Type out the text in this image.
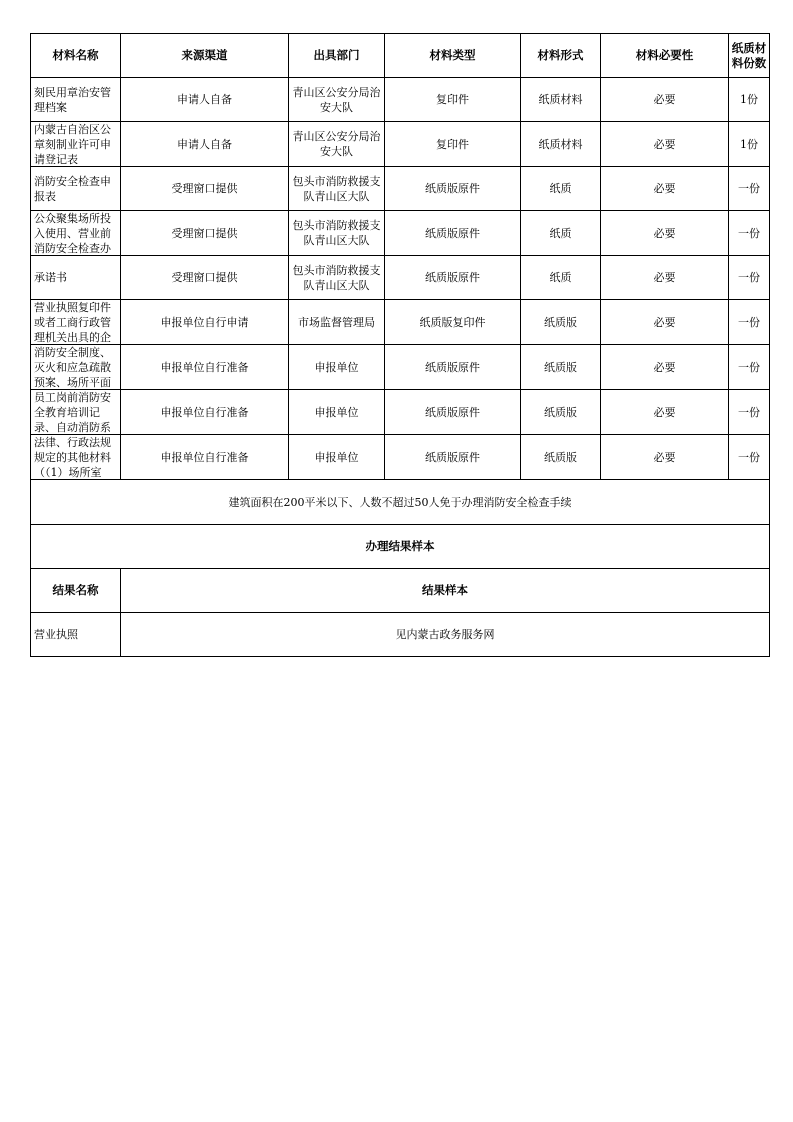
材料名称	来源渠道	出具部门	材料类型	材料形式	材料必要性	纸质材料份数

刻民用章治安管理档案	申请人自备	青山区公安分局治安大队	复印件	纸质材料	必要	1份

内蒙古自治区公章刻制业许可申请登记表	申请人自备	青山区公安分局治安大队	复印件	纸质材料	必要	1份

消防安全检查申报表	受理窗口提供	包头市消防救援支队青山区大队	纸质版原件	纸质	必要	一份

公众聚集场所投入使用、营业前消防安全检查办	受理窗口提供	包头市消防救援支队青山区大队	纸质版原件	纸质	必要	一份

承诺书	受理窗口提供	包头市消防救援支队青山区大队	纸质版原件	纸质	必要	一份

营业执照复印件或者工商行政管理机关出具的企	申报单位自行申请	市场监督管理局	纸质版复印件	纸质版	必要	一份

消防安全制度、灭火和应急疏散预案、场所平面	申报单位自行准备	申报单位	纸质版原件	纸质版	必要	一份

员工岗前消防安全教育培训记录、自动消防系	申报单位自行准备	申报单位	纸质版原件	纸质版	必要	一份

法律、行政法规规定的其他材料（（1）场所室	申报单位自行准备	申报单位	纸质版原件	纸质版	必要	一份

建筑面积在200平米以下、人数不超过50人免于办理消防安全检查手续						
办理结果样本						
结果名称	结果样本					
营业执照	见内蒙古政务服务网					
